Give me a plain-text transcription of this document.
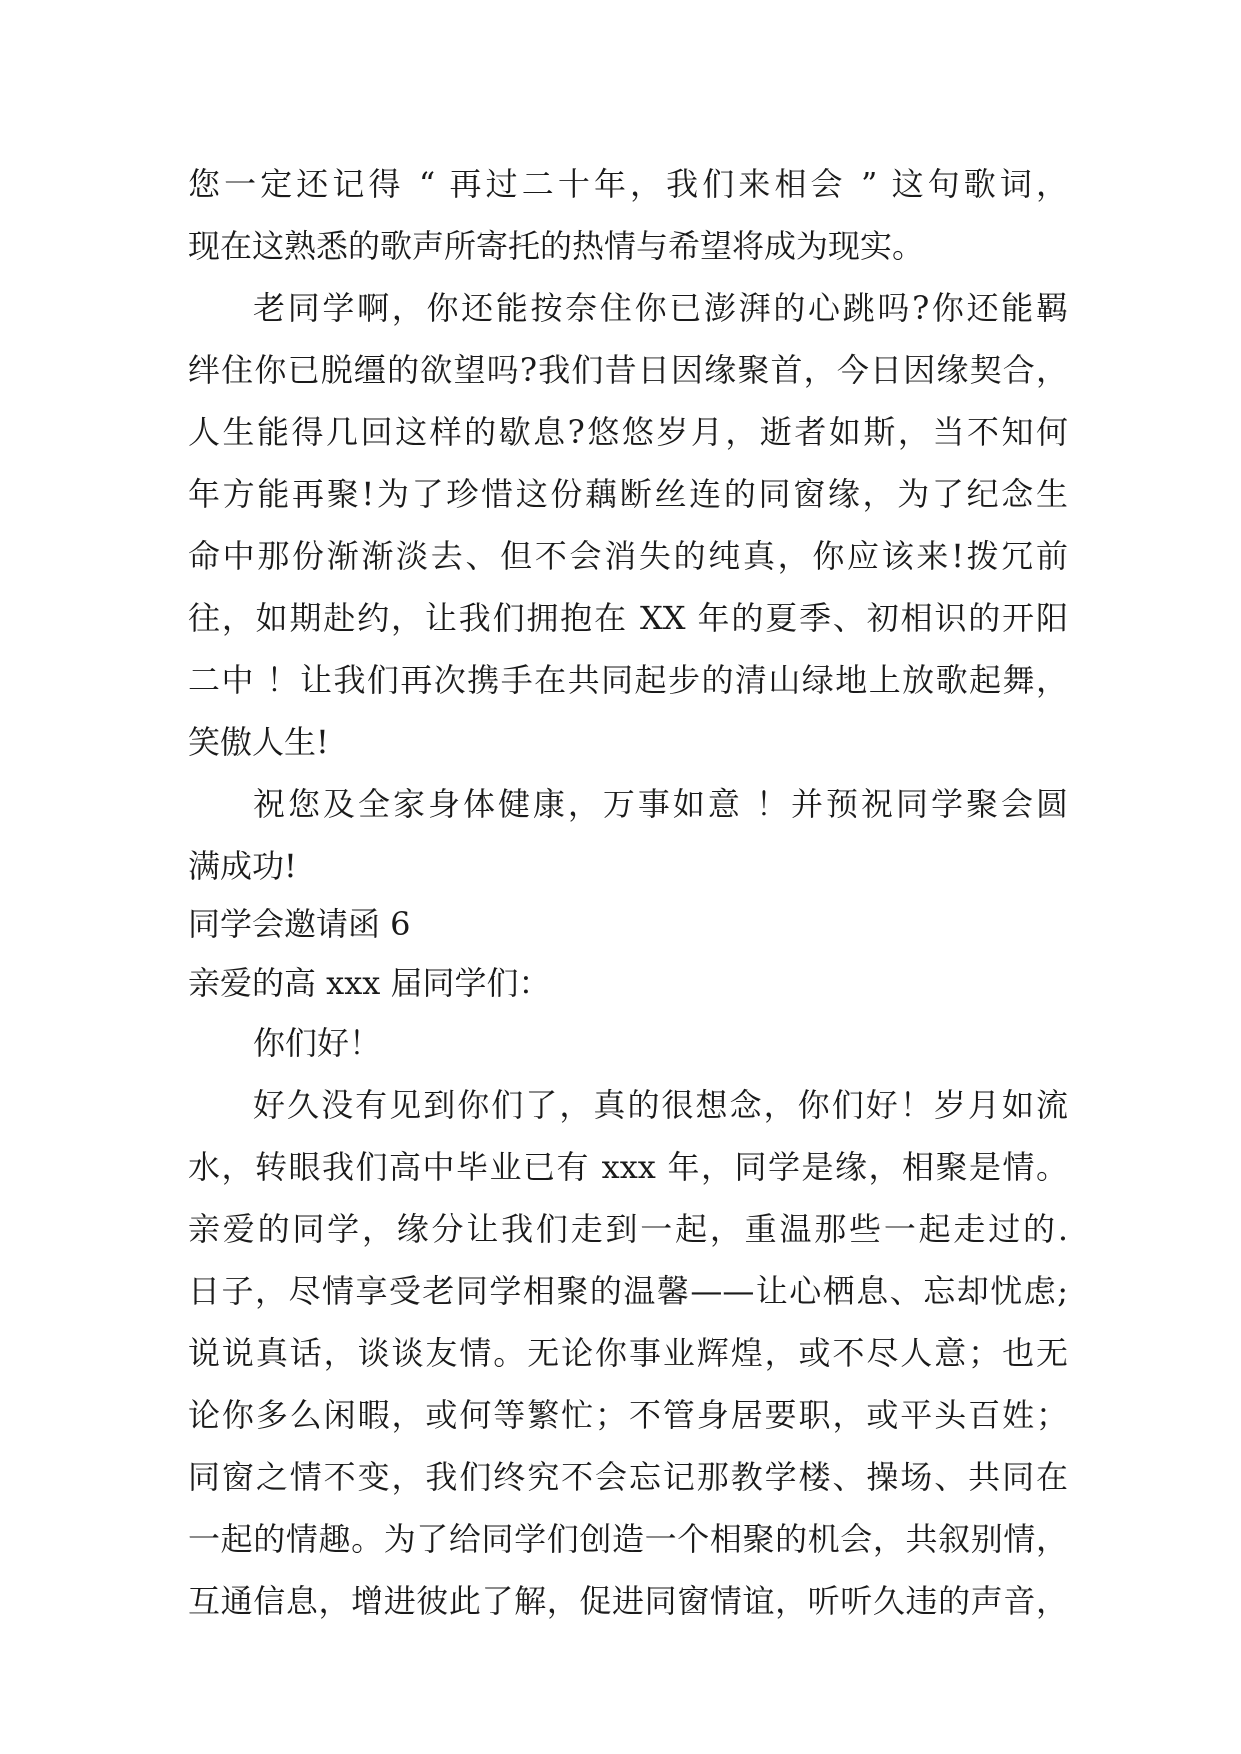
您一定还记得 “ 再过二十年，我们来相会 ” 这句歌词，
现在这熟悉的歌声所寄托的热情与希望将成为现实。
老同学啊，你还能按奈住你已澎湃的心跳吗?你还能羁
绊住你已脱缰的欲望吗?我们昔日因缘聚首，今日因缘契合，
人生能得几回这样的歇息?悠悠岁月，逝者如斯，当不知何
年方能再聚!为了珍惜这份藕断丝连的同窗缘，为了纪念生
命中那份渐渐淡去、但不会消失的纯真，你应该来!拨冗前
往，如期赴约，让我们拥抱在 XX 年的夏季、初相识的开阳
二中 ！让我们再次携手在共同起步的清山绿地上放歌起舞，
笑傲人生!
祝您及全家身体健康，万事如意 ！并预祝同学聚会圆
满成功!
同学会邀请函 6
亲爱的高 xxx 届同学们：
你们好！
好久没有见到你们了，真的很想念，你们好！岁月如流
水，转眼我们高中毕业已有 xxx 年，同学是缘，相聚是情。
亲爱的同学，缘分让我们走到一起，重温那些一起走过的.
日子，尽情享受老同学相聚的温馨——让心栖息、忘却忧虑;
说说真话，谈谈友情。无论你事业辉煌，或不尽人意；也无
论你多么闲暇，或何等繁忙；不管身居要职，或平头百姓；
同窗之情不变，我们终究不会忘记那教学楼、操场、共同在
一起的情趣。为了给同学们创造一个相聚的机会，共叙别情，
互通信息，增进彼此了解，促进同窗情谊，听听久违的声音，
